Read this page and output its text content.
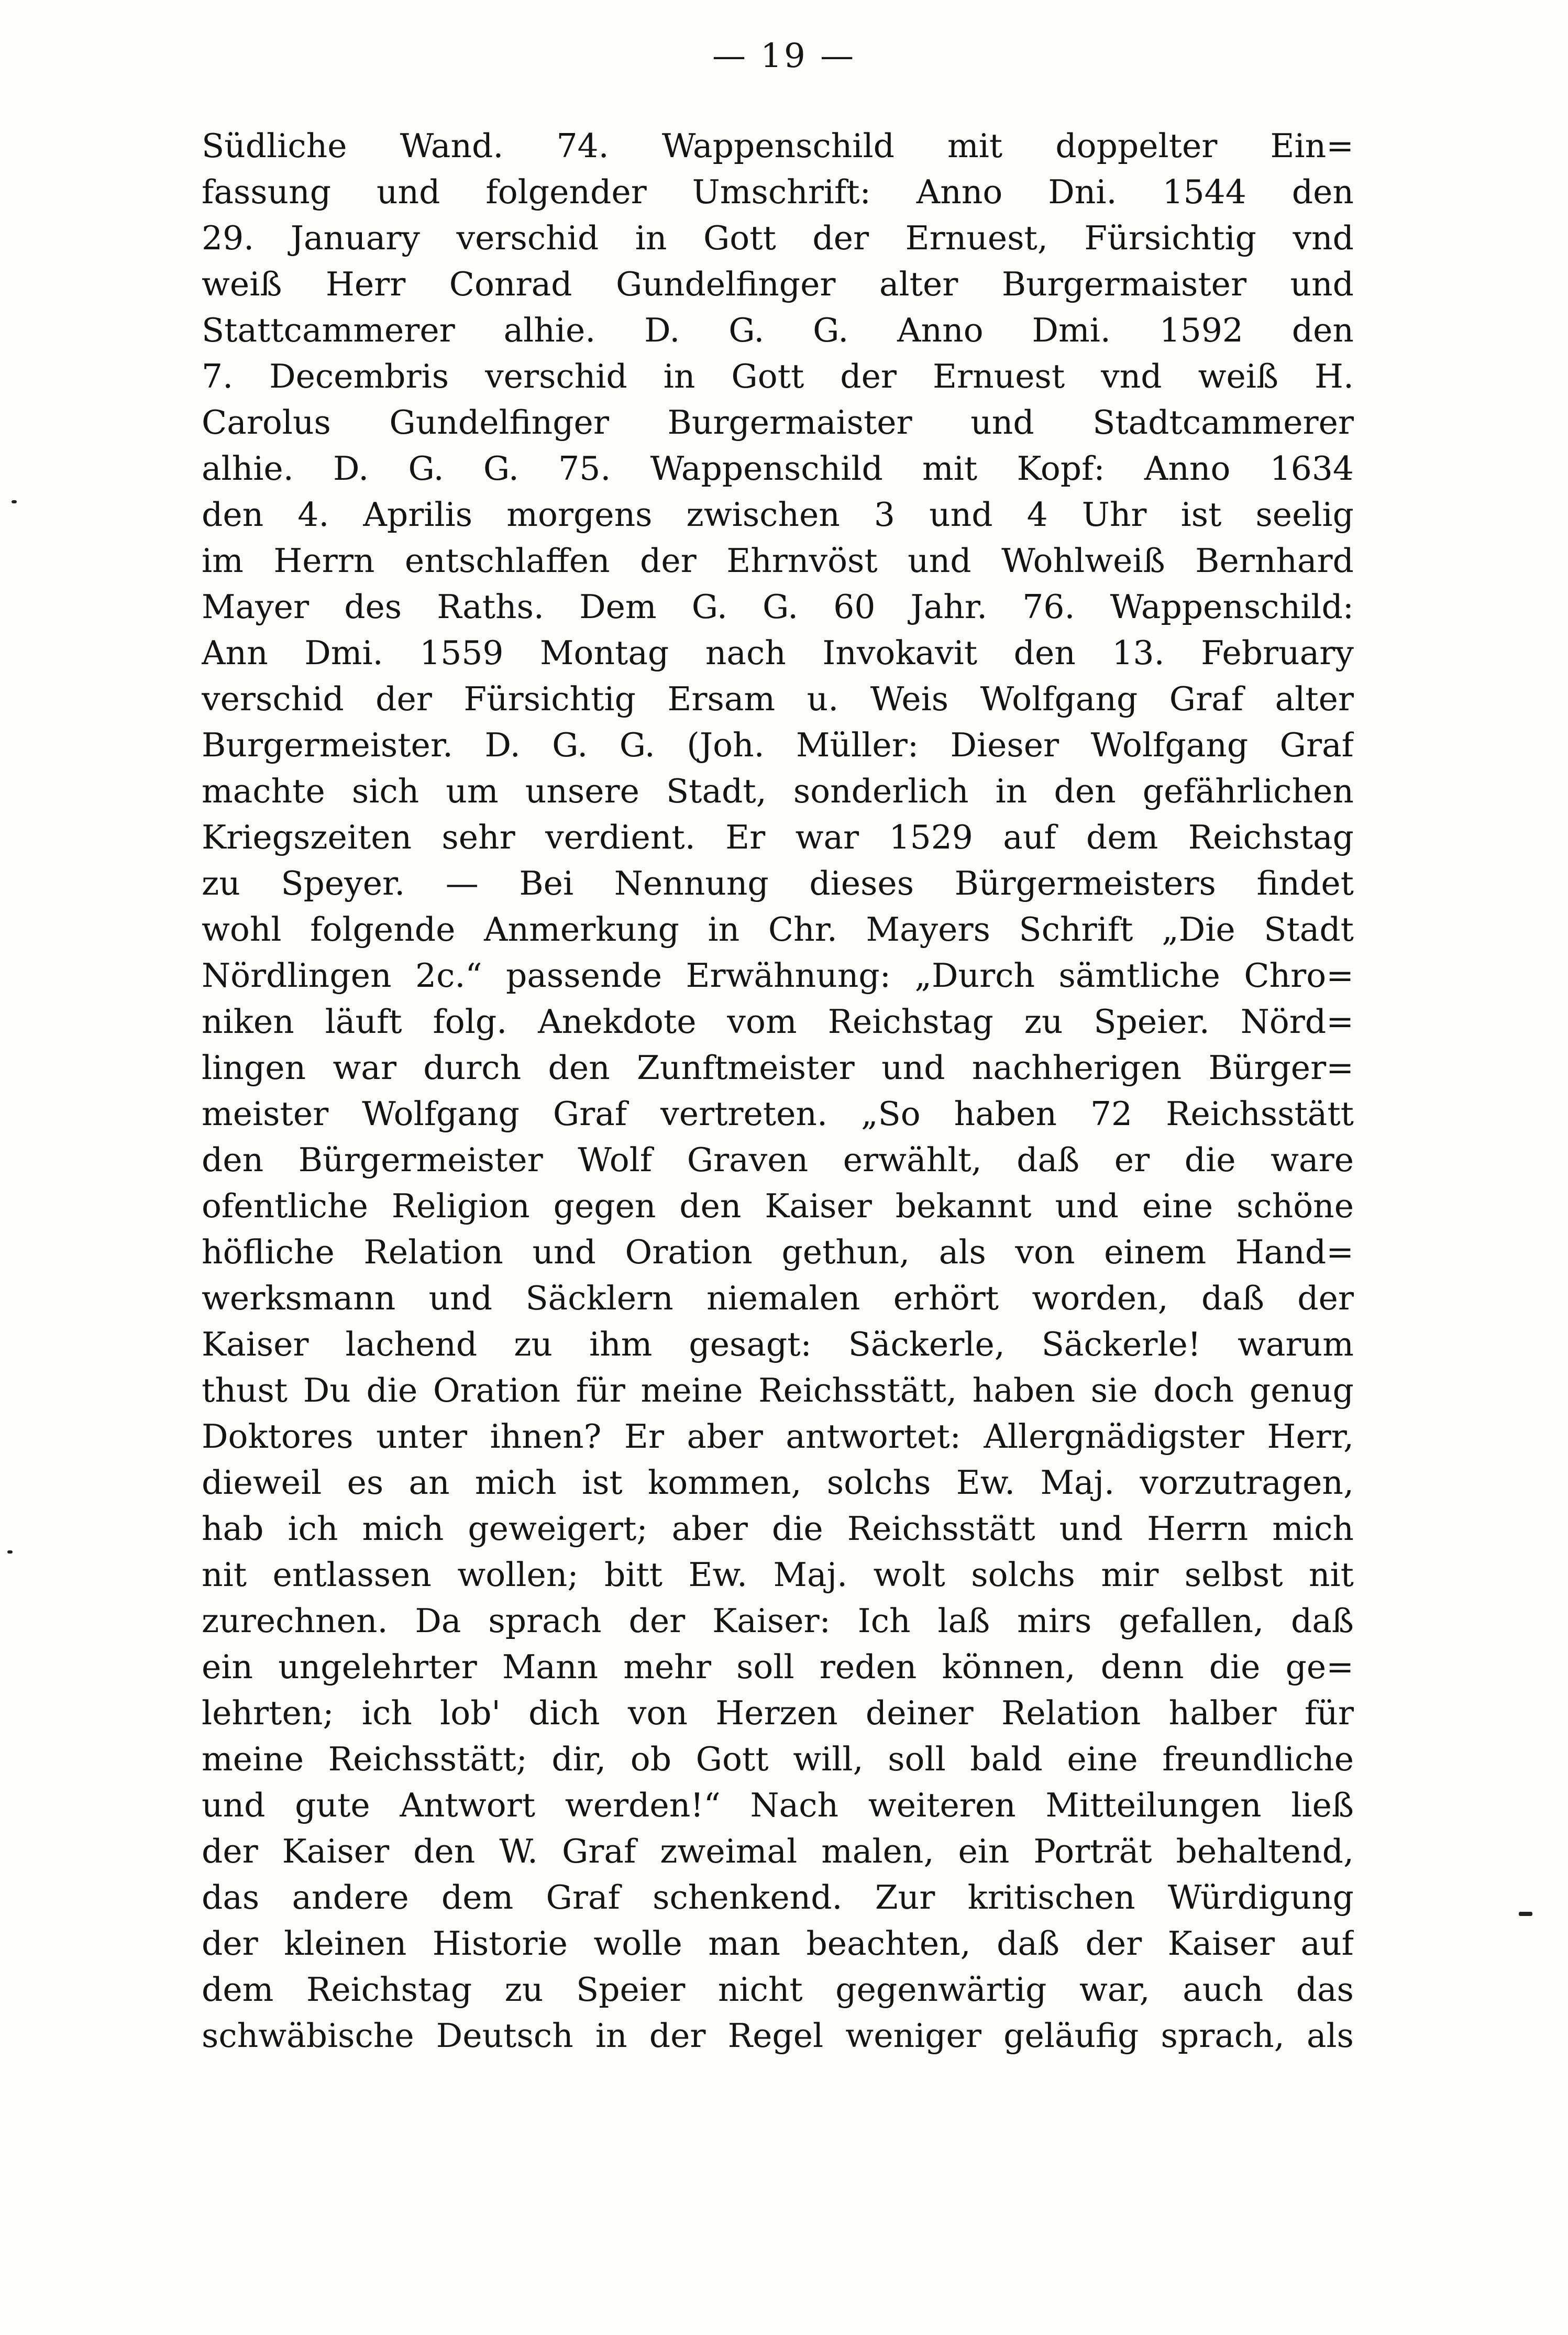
— 19 —
Südliche Wand. 74. Wappenschild mit doppelter Ein=
fassung und folgender Umschrift: Anno Dni. 1544 den
29. January verschid in Gott der Ernuest, Fürsichtig vnd
weiß Herr Conrad Gundelfinger alter Burgermaister und
Stattcammerer alhie. D. G. G. Anno Dmi. 1592 den
7. Decembris verschid in Gott der Ernuest vnd weiß H.
Carolus Gundelfinger Burgermaister und Stadtcammerer
alhie. D. G. G. 75. Wappenschild mit Kopf: Anno 1634
den 4. Aprilis morgens zwischen 3 und 4 Uhr ist seelig
im Herrn entschlaffen der Ehrnvöst und Wohlweiß Bernhard
Mayer des Raths. Dem G. G. 60 Jahr. 76. Wappenschild:
Ann Dmi. 1559 Montag nach Invokavit den 13. February
verschid der Fürsichtig Ersam u. Weis Wolfgang Graf alter
Burgermeister. D. G. G. (Joh. Müller: Dieser Wolfgang Graf
machte sich um unsere Stadt, sonderlich in den gefährlichen
Kriegszeiten sehr verdient. Er war 1529 auf dem Reichstag
zu Speyer. — Bei Nennung dieses Bürgermeisters findet
wohl folgende Anmerkung in Chr. Mayers Schrift „Die Stadt
Nördlingen 2c.“ passende Erwähnung: „Durch sämtliche Chro=
niken läuft folg. Anekdote vom Reichstag zu Speier. Nörd=
lingen war durch den Zunftmeister und nachherigen Bürger=
meister Wolfgang Graf vertreten. „So haben 72 Reichsstätt
den Bürgermeister Wolf Graven erwählt, daß er die ware
ofentliche Religion gegen den Kaiser bekannt und eine schöne
höfliche Relation und Oration gethun, als von einem Hand=
werksmann und Säcklern niemalen erhört worden, daß der
Kaiser lachend zu ihm gesagt: Säckerle, Säckerle! warum
thust Du die Oration für meine Reichsstätt, haben sie doch genug
Doktores unter ihnen? Er aber antwortet: Allergnädigster Herr,
dieweil es an mich ist kommen, solchs Ew. Maj. vorzutragen,
hab ich mich geweigert; aber die Reichsstätt und Herrn mich
nit entlassen wollen; bitt Ew. Maj. wolt solchs mir selbst nit
zurechnen. Da sprach der Kaiser: Ich laß mirs gefallen, daß
ein ungelehrter Mann mehr soll reden können, denn die ge=
lehrten; ich lob' dich von Herzen deiner Relation halber für
meine Reichsstätt; dir, ob Gott will, soll bald eine freundliche
und gute Antwort werden!“ Nach weiteren Mitteilungen ließ
der Kaiser den W. Graf zweimal malen, ein Porträt behaltend,
das andere dem Graf schenkend. Zur kritischen Würdigung
der kleinen Historie wolle man beachten, daß der Kaiser auf
dem Reichstag zu Speier nicht gegenwärtig war, auch das
schwäbische Deutsch in der Regel weniger geläufig sprach, als
